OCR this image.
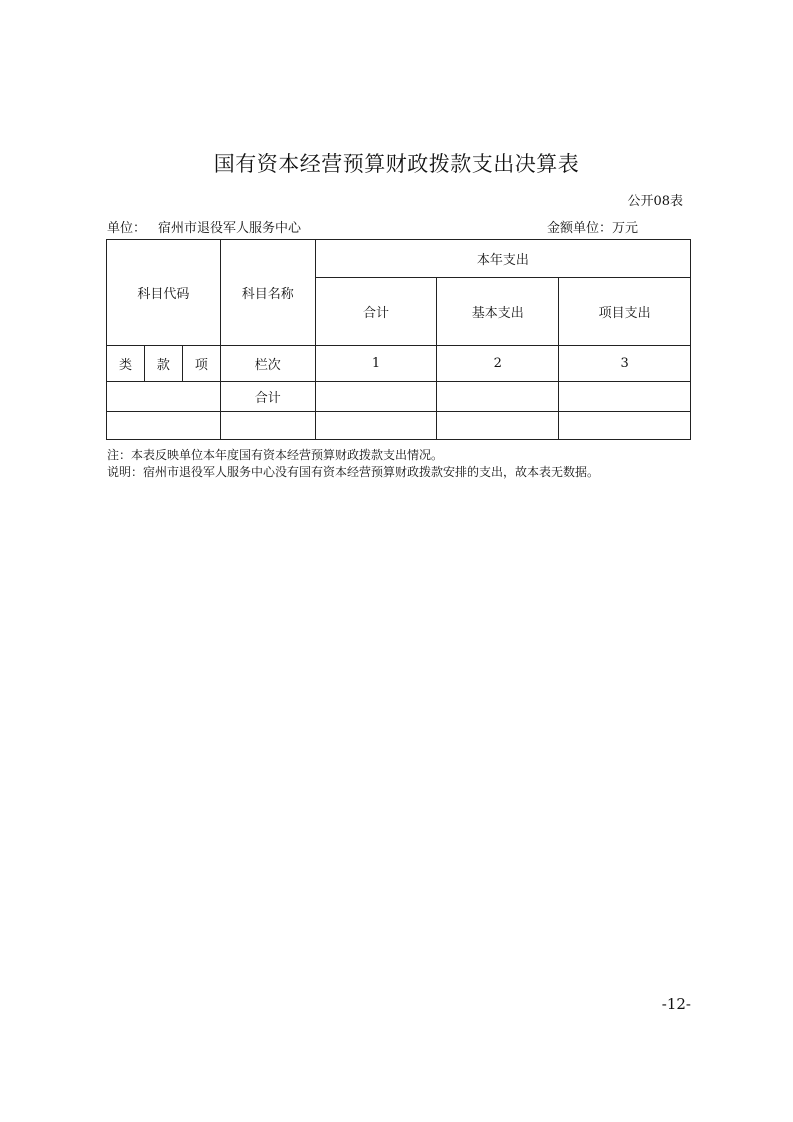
国有资本经营预算财政拨款支出决算表
公开08表
单位： 宿州市退役军人服务中心	金额单位：万元
科目代码			科目名称	本年支出		
				合计	基本支出	项目支出
类	款	项	栏次	1	2	3
			合计			

注：本表反映单位本年度国有资本经营预算财政拨款支出情况。
说明：宿州市退役军人服务中心没有国有资本经营预算财政拨款安排的支出，故本表无数据。
-12-
